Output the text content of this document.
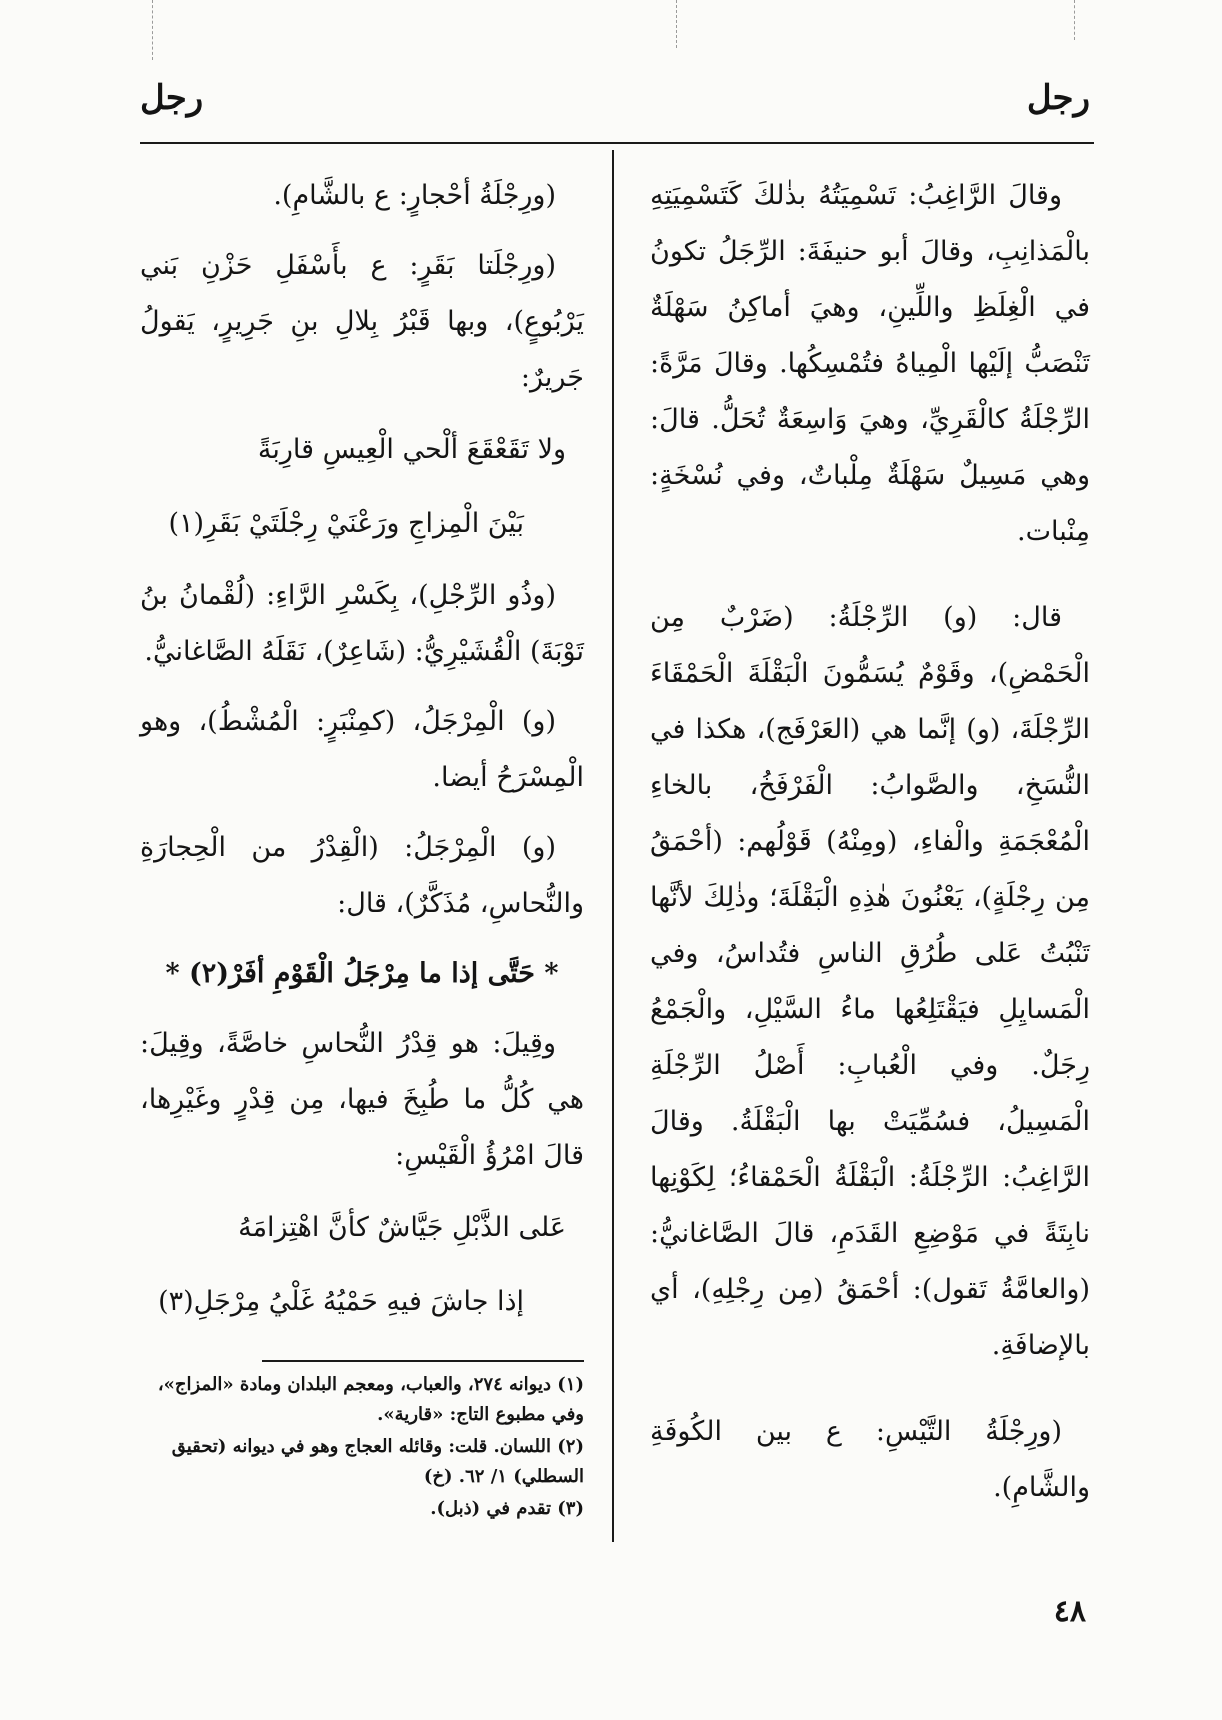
رجل
رجل

وقالَ الرَّاغِبُ: تَسْمِيَتُهُ بذٰلكَ كَتَسْمِيَتِهِ بالْمَذانِبِ، وقالَ أبو حنيفَةَ: الرِّجَلُ تكونُ في الْغِلَظِ واللِّينِ، وهيَ أماكِنُ سَهْلَةٌ تَنْصَبُّ إلَيْها الْمِياهُ فتُمْسِكُها. وقالَ مَرَّةً: الرِّجْلَةُ كالْقَرِيِّ، وهيَ وَاسِعَةٌ تُحَلُّ. قالَ: وهي مَسِيلٌ سَهْلَةٌ مِلْباتٌ، وفي نُسْخَةٍ: مِنْبات.

قال: (و) الرِّجْلَةُ: (ضَرْبٌ مِن الْحَمْضِ)، وقَوْمٌ يُسَمُّونَ الْبَقْلَةَ الْحَمْقَاءَ الرِّجْلَةَ، (و) إنَّما هي (العَرْفَج)، هكذا في النُّسَخِ، والصَّوابُ: الْفَرْفَخُ، بالخاءِ الْمُعْجَمَةِ والْفاءِ، (ومِنْهُ) قَوْلُهم: (أحْمَقُ مِن رِجْلَةٍ)، يَعْنُونَ هٰذِهِ الْبَقْلَةَ؛ وذٰلِكَ لأنَّها تَنْبُتُ عَلى طُرُقِ الناسِ فتُداسُ، وفي الْمَسايِلِ فيَقْتَلِعُها ماءُ السَّيْلِ، والْجَمْعُ رِجَلٌ. وفي الْعُبابِ: أَصْلُ الرِّجْلَةِ الْمَسِيلُ، فسُمِّيَتْ بها الْبَقْلَةُ. وقالَ الرَّاغِبُ: الرِّجْلَةُ: الْبَقْلَةُ الْحَمْقاءُ؛ لِكَوْنِها نابِتَةً في مَوْضِعِ القَدَمِ، قالَ الصَّاغانيُّ: (والعامَّةُ تَقول): أحْمَقُ (مِن رِجْلِهِ)، أي بالإضافَةِ.

(ورِجْلَةُ التَّيْسِ: ع بين الكُوفَةِ والشَّامِ).

(ورِجْلَةُ أحْجارٍ: ع بالشَّامِ).

(ورِجْلَتا بَقَرٍ: ع بأَسْفَلِ حَزْنِ بَني يَرْبُوعٍ)، وبها قَبْرُ بِلالِ بنِ جَرِيرٍ، يَقولُ جَريرٌ:

ولا تَقَعْقَعَ ألْحي الْعِيسِ قارِبَةً

بَيْنَ الْمِزاجِ ورَعْنَيْ رِجْلَتَيْ بَقَرِ(١)

(وذُو الرِّجْلِ)، بِكَسْرِ الرَّاءِ: (لُقْمانُ بنُ تَوْبَةَ) الْقُشَيْرِيُّ: (شَاعِرٌ)، نَقَلَهُ الصَّاغانيُّ.

(و) الْمِرْجَلُ، (كمِنْبَرٍ: الْمُشْطُ)، وهو الْمِسْرَحُ أيضا.

(و) الْمِرْجَلُ: (الْقِدْرُ من الْحِجارَةِ والنُّحاسِ، مُذَكَّرٌ)، قال:

* حَتَّى إذا ما مِرْجَلُ الْقَوْمِ أفَرْ(٢) *

وقِيلَ: هو قِدْرُ النُّحاسِ خاصَّةً، وقِيلَ: هي كُلُّ ما طُبِخَ فيها، مِن قِدْرٍ وغَيْرِها، قالَ امْرُؤُ الْقَيْسِ:

عَلى الذَّبْلِ جَيَّاشٌ كأنَّ اهْتِزامَهُ

إذا جاشَ فيهِ حَمْيُهُ غَلْيُ مِرْجَلِ(٣)

(١) ديوانه ٢٧٤، والعباب، ومعجم البلدان ومادة «المزاج»، وفي مطبوع التاج: «قارية».
(٢) اللسان. قلت: وقائله العجاج وهو في ديوانه (تحقيق السطلي) ١/ ٦٢. (خ)
(٣) تقدم في (ذبل).
٤٨
